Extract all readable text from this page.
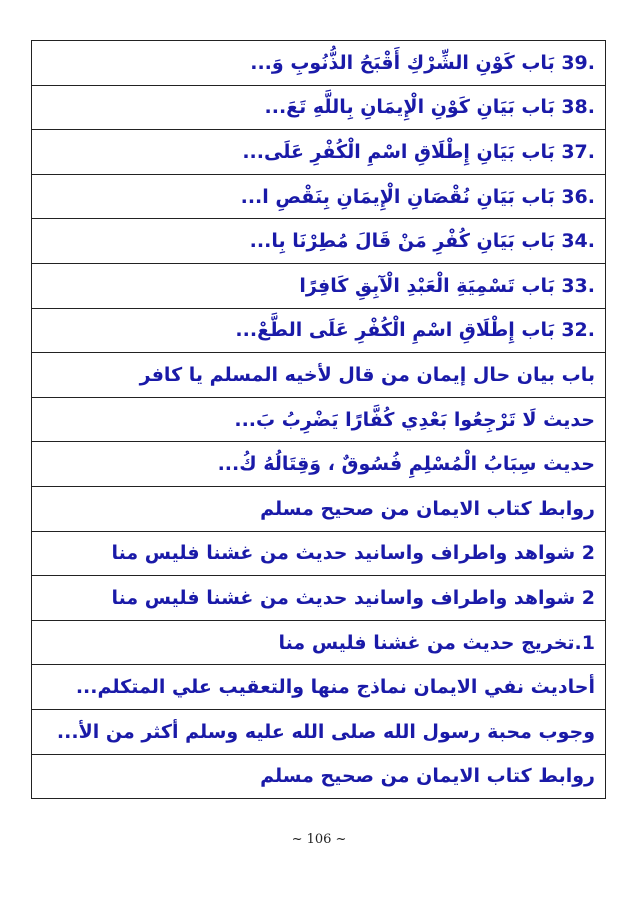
.39 بَاب كَوْنِ الشِّرْكِ أَقْبَحُ الذُّنُوبِ وَ...
.38 بَاب بَيَانِ كَوْنِ الْإِيمَانِ بِاللَّهِ تَعَ...
.37 بَاب بَيَانِ إِطْلَاقِ اسْمِ الْكُفْرِ عَلَى...
.36 بَاب بَيَانِ نُقْصَانِ الْإِيمَانِ بِنَقْصِ ا...
.34 بَاب بَيَانِ كُفْرِ مَنْ قَالَ مُطِرْنَا بِا...
.33 بَاب تَسْمِيَةِ الْعَبْدِ الْآبِقِ كَافِرًا
.32 بَاب إِطْلَاقِ اسْمِ الْكُفْرِ عَلَى الطَّعْ...
باب بيان حال إيمان من قال لأخيه المسلم يا كافر
حديث لَا تَرْجِعُوا بَعْدِي كُفَّارًا يَضْرِبُ بَ...
حديث سِبَابُ الْمُسْلِمِ فُسُوقٌ ، وَقِتَالُهُ كُ...
روابط كتاب الايمان من صحيح مسلم
2 شواهد واطراف واسانيد حديث من غشنا فليس منا
2 شواهد واطراف واسانيد حديث من غشنا فليس منا
1.تخريج حديث من غشنا فليس منا
أحاديث نفي الايمان نماذج منها والتعقيب علي المتكلم...
وجوب محبة رسول الله صلى الله عليه وسلم أكثر من الأ...
روابط كتاب الايمان من صحيح مسلم
~ 106 ~
